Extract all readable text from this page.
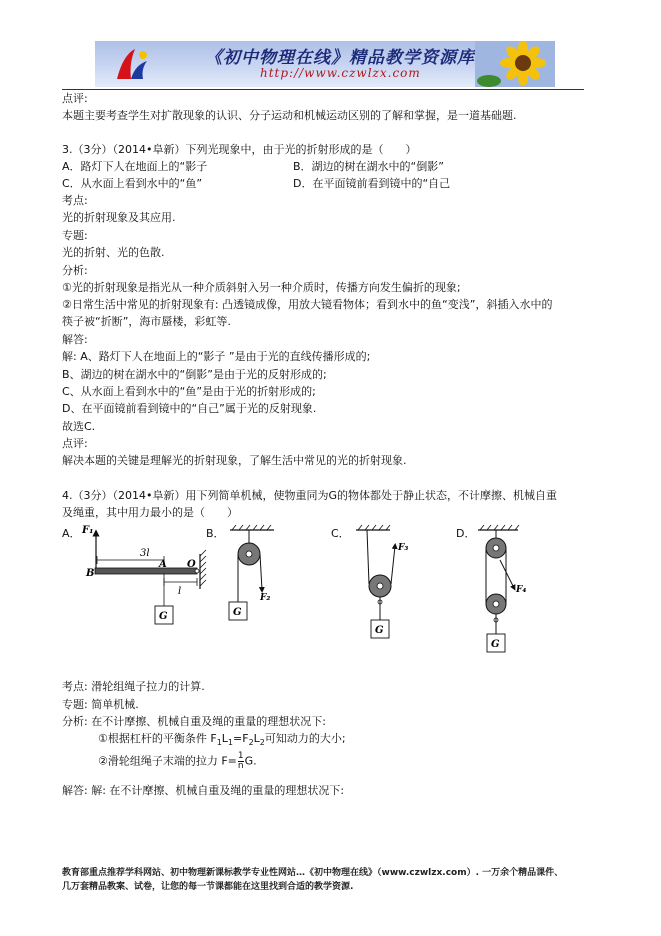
《初中物理在线》精品教学资源库
http://www.czwlzx.com
点评:
本题主要考查学生对扩散现象的认识、分子运动和机械运动区别的了解和掌握，是一道基础题.
3.（3分）（2014•阜新）下列光现象中，由于光的折射形成的是（　　）
A．路灯下人在地面上的“影子	B．湖边的树在湖水中的“倒影”
C．从水面上看到水中的“鱼”	D．在平面镜前看到镜中的“自己
考点:
光的折射现象及其应用.
专题:
光的折射、光的色散.
分析:
①光的折射现象是指光从一种介质斜射入另一种介质时，传播方向发生偏折的现象;
②日常生活中常见的折射现象有: 凸透镜成像，用放大镜看物体；看到水中的鱼“变浅”，斜插入水中的
筷子被“折断”，海市蜃楼，彩虹等.
解答:
解: A、路灯下人在地面上的“影子 ”是由于光的直线传播形成的;
B、湖边的树在湖水中的“倒影”是由于光的反射形成的;
C、从水面上看到水中的“鱼”是由于光的折射形成的;
D、在平面镜前看到镜中的“自己”属于光的反射现象.
故选C.
点评:
解决本题的关键是理解光的折射现象，了解生活中常见的光的折射现象.
4.（3分）（2014•阜新）用下列简单机械，使物重同为G的物体都处于静止状态，不计摩擦、机械自重
及绳重，其中用力最小的是（　　）
A． F₁
3l
B
A O
l
G
B．
G
F₂
C．
G
F₃
D．
G
F₄
考点: 滑轮组绳子拉力的计算.
专题: 简单机械.
分析: 在不计摩擦、机械自重及绳的重量的理想状况下:
①根据杠杆的平衡条件 $F_1L_1=F_2L_2$可知动力的大小;
②滑轮组绳子末端的拉力 $F= \frac{1}{n} G$.
解答: 解: 在不计摩擦、机械自重及绳的重量的理想状况下:
教育部重点推荐学科网站、初中物理新课标教学专业性网站…《初中物理在线》（www.czwlzx.com）. 一万余个精品课件、
几万套精品教案、试卷，让您的每一节课都能在这里找到合适的教学资源.
